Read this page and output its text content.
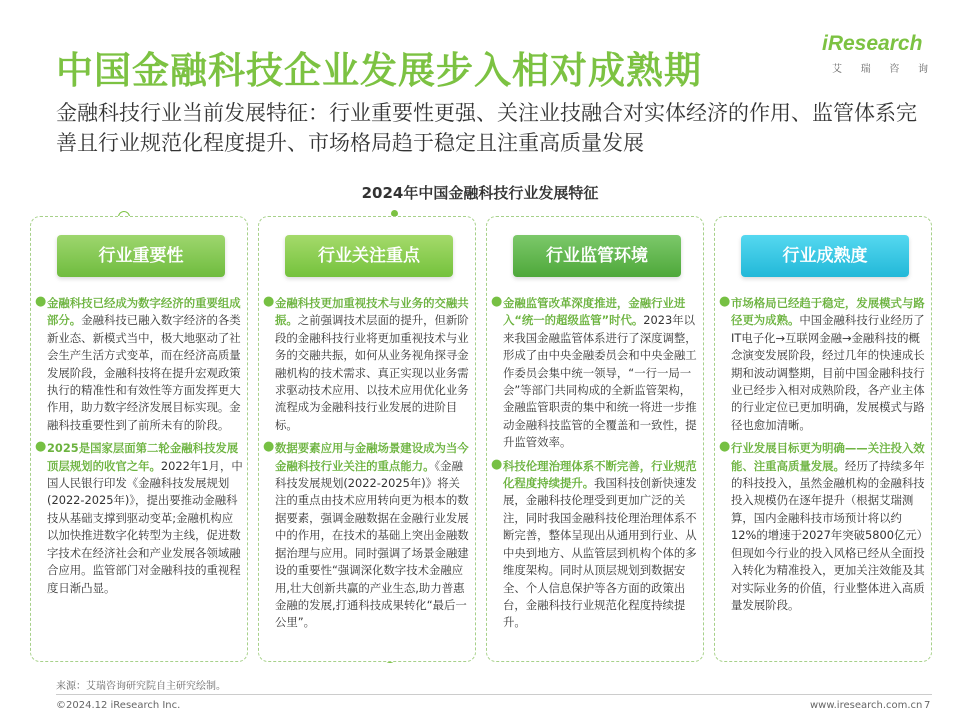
中国金融科技企业发展步入相对成熟期
金融科技行业当前发展特征：行业重要性更强、关注业技融合对实体经济的作用、监管体系完善且行业规范化程度提升、市场格局趋于稳定且注重高质量发展
iResearch
艾 瑞 咨 询
2024年中国金融科技行业发展特征
行业重要性
● 金融科技已经成为数字经济的重要组成部分。金融科技已融入数字经济的各类新业态、新模式当中，极大地驱动了社会生产生活方式变革，而在经济高质量发展阶段，金融科技将在提升宏观政策执行的精准性和有效性等方面发挥更大作用，助力数字经济发展目标实现。金融科技重要性到了前所未有的阶段。
● 2025是国家层面第二轮金融科技发展顶层规划的收官之年。2022年1月，中国人民银行印发《金融科技发展规划(2022-2025年)》，提出要推动金融科技从基础支撑到驱动变革;金融机构应以加快推进数字化转型为主线，促进数字技术在经济社会和产业发展各领域融合应用。监管部门对金融科技的重视程度日渐凸显。
行业关注重点
● 金融科技更加重视技术与业务的交融共振。之前强调技术层面的提升，但新阶段的金融科技行业将更加重视技术与业务的交融共振，如何从业务视角探寻金融机构的技术需求、真正实现以业务需求驱动技术应用、以技术应用优化业务流程成为金融科技行业发展的进阶目标。
● 数据要素应用与金融场景建设成为当今金融科技行业关注的重点能力。《金融科技发展规划(2022-2025年)》将关注的重点由技术应用转向更为根本的数据要素，强调金融数据在金融行业发展中的作用，在技术的基础上突出金融数据治理与应用。同时强调了场景金融建设的重要性“强调深化数字技术金融应用,壮大创新共赢的产业生态,助力普惠金融的发展,打通科技成果转化“最后一公里”。
行业监管环境
● 金融监管改革深度推进，金融行业进入“统一的超级监管”时代。2023年以来我国金融监管体系进行了深度调整，形成了由中央金融委员会和中央金融工作委员会集中统一领导，“一行一局一会”等部门共同构成的全新监管架构，金融监管职责的集中和统一将进一步推动金融科技监管的全覆盖和一致性，提升监管效率。
● 科技伦理治理体系不断完善，行业规范化程度持续提升。我国科技创新快速发展，金融科技伦理受到更加广泛的关注，同时我国金融科技伦理治理体系不断完善，整体呈现出从通用到行业、从中央到地方、从监管层到机构个体的多维度架构。同时从顶层规划到数据安全、个人信息保护等各方面的政策出台，金融科技行业规范化程度持续提升。
行业成熟度
● 市场格局已经趋于稳定，发展模式与路径更为成熟。中国金融科技行业经历了IT电子化→互联网金融→金融科技的概念演变发展阶段，经过几年的快速成长期和波动调整期，目前中国金融科技行业已经步入相对成熟阶段，各产业主体的行业定位已更加明确，发展模式与路径也愈加清晰。
● 行业发展目标更为明确——关注投入效能、注重高质量发展。经历了持续多年的科技投入，虽然金融机构的金融科技投入规模仍在逐年提升（根据艾瑞测算，国内金融科技市场预计将以约12%的增速于2027年突破5800亿元）但现如今行业的投入风格已经从全面投入转化为精准投入，更加关注效能及其对实际业务的价值，行业整体进入高质量发展阶段。
来源：艾瑞咨询研究院自主研究绘制。
©2024.12 iResearch Inc.	www.iresearch.com.cn 7
